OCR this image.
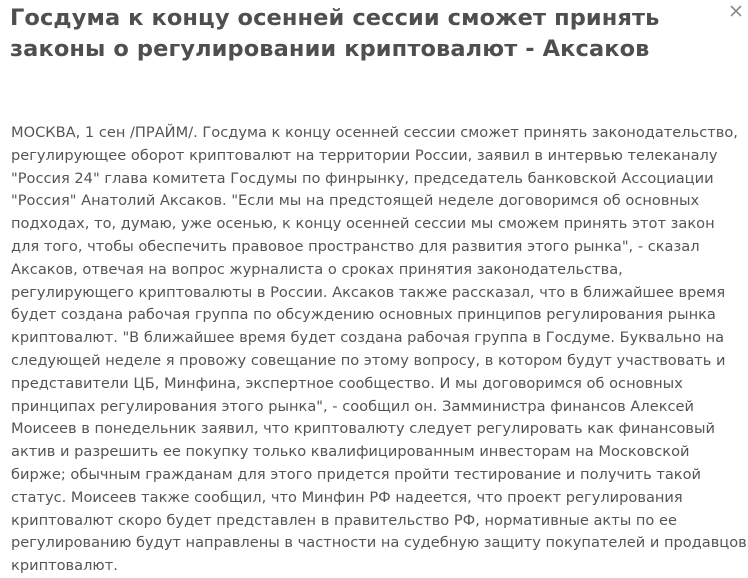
Госдума к концу осенней сессии сможет принять законы о регулировании криптовалют - Аксаков

МОСКВА, 1 сен /ПРАЙМ/. Госдума к концу осенней сессии сможет принять законодательство, регулирующее оборот криптовалют на территории России, заявил в интервью телеканалу "Россия 24" глава комитета Госдумы по финрынку, председатель банковской Ассоциации "Россия" Анатолий Аксаков. "Если мы на предстоящей неделе договоримся об основных подходах, то, думаю, уже осенью, к концу осенней сессии мы сможем принять этот закон для того, чтобы обеспечить правовое пространство для развития этого рынка", - сказал Аксаков, отвечая на вопрос журналиста о сроках принятия законодательства, регулирующего криптовалюты в России. Аксаков также рассказал, что в ближайшее время будет создана рабочая группа по обсуждению основных принципов регулирования рынка криптовалют. "В ближайшее время будет создана рабочая группа в Госдуме. Буквально на следующей неделе я провожу совещание по этому вопросу, в котором будут участвовать и представители ЦБ, Минфина, экспертное сообщество. И мы договоримся об основных принципах регулирования этого рынка", - сообщил он. Замминистра финансов Алексей Моисеев в понедельник заявил, что криптовалюту следует регулировать как финансовый актив и разрешить ее покупку только квалифицированным инвесторам на Московской бирже; обычным гражданам для этого придется пройти тестирование и получить такой статус. Моисеев также сообщил, что Минфин РФ надеется, что проект регулирования криптовалют скоро будет представлен в правительство РФ, нормативные акты по ее регулированию будут направлены в частности на судебную защиту покупателей и продавцов криптовалют.
